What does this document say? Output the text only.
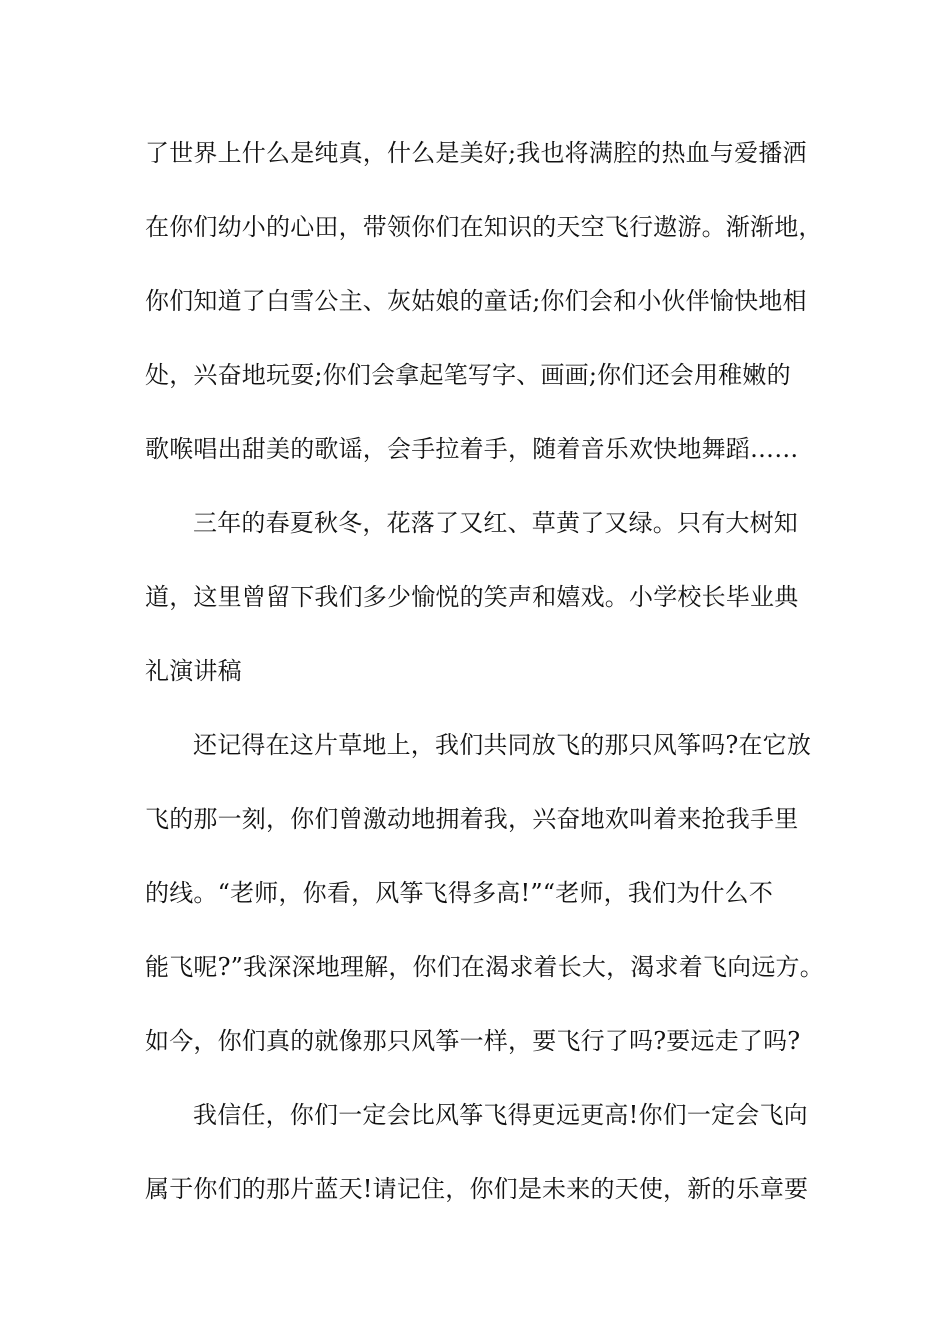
了世界上什么是纯真，什么是美好;我也将满腔的热血与爱播洒
在你们幼小的心田，带领你们在知识的天空飞行遨游。渐渐地，
你们知道了白雪公主、灰姑娘的童话;你们会和小伙伴愉快地相
处，兴奋地玩耍;你们会拿起笔写字、画画;你们还会用稚嫩的
歌喉唱出甜美的歌谣，会手拉着手，随着音乐欢快地舞蹈……
三年的春夏秋冬，花落了又红、草黄了又绿。只有大树知
道，这里曾留下我们多少愉悦的笑声和嬉戏。小学校长毕业典
礼演讲稿
还记得在这片草地上，我们共同放飞的那只风筝吗?在它放
飞的那一刻，你们曾激动地拥着我，兴奋地欢叫着来抢我手里
的线。“老师，你看，风筝飞得多高!”“老师，我们为什么不
能飞呢?”我深深地理解，你们在渴求着长大，渴求着飞向远方。
如今，你们真的就像那只风筝一样，要飞行了吗?要远走了吗?
我信任，你们一定会比风筝飞得更远更高!你们一定会飞向
属于你们的那片蓝天!请记住，你们是未来的天使，新的乐章要
